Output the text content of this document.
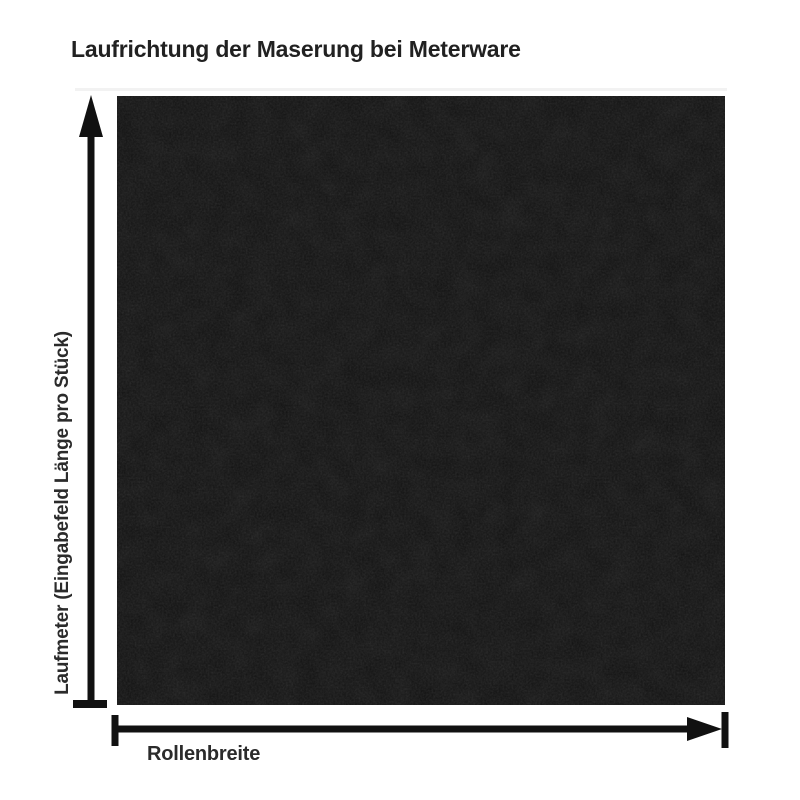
Laufrichtung der Maserung bei Meterware
Laufmeter (Eingabefeld Länge pro Stück)
Rollenbreite
